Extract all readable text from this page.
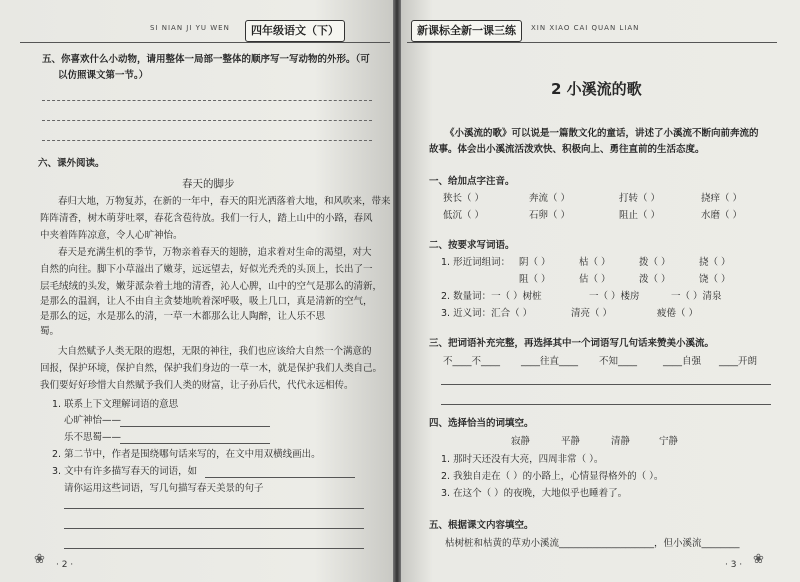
SI NIAN JI YU WEN	四年级语文（下）
五、你喜欢什么小动物，请用整体一局部一整体的顺序写一写动物的外形。（可
以仿照课文第一节。）
六、课外阅读。
春天的脚步
春归大地，万物复苏，在新的一年中，春天的阳光洒落着大地，和风吹来，带来
阵阵清香，树木萌芽吐翠，春花含苞待放。我们一行人，踏上山中的小路，春风
中夹着阵阵凉意，令人心旷神怡。
春天是充满生机的季节，万物亲着春天的翅膀，追求着对生命的渴望，对大
自然的向往。脚下小草溢出了嫩芽，远远望去，好似光秃秃的头顶上，长出了一
层毛绒绒的头发，嫩芽派杂着土地的清香，沁人心脾，山中的空气是那么的清新，
是那么的温润，让人不由自主贪婪地吮着深呼吸，吸上几口，真是清新的空气，
是那么的远，水是那么的清，一草一木都那么让人陶醉，让人乐不思
蜀。
大自然赋予人类无限的遐想，无限的神往，我们也应该给大自然一个满意的
回报，保护环境，保护自然，保护我们身边的一草一木，就是保护我们人类自己。
我们要好好珍惜大自然赋予我们人类的财富，让子孙后代，代代永远相传。
1. 联系上下文理解词语的意思
心旷神怡——
乐不思蜀——
2. 第二节中，作者是围绕哪句话来写的，在文中用双横线画出。
3. 文中有许多描写春天的词语，如
请你运用这些词语，写几句描写春天美景的句子
❀ · 2 ·
新课标全新一课三练	XIN XIAO CAI QUAN LIAN
2 小溪流的歌
《小溪流的歌》可以说是一篇散文化的童话，讲述了小溪流不断向前奔流的
故事。体会出小溪流活泼欢快、积极向上、勇往直前的生活态度。
一、给加点字注音。
狭长（ ）	奔流（ ）	打转（ ）	挠痒（ ）
低沉（ ）	石卵（ ）	阻止（ ）	水磨（ ）
二、按要求写词语。
1. 形近词组词： 阴（ ）	枯（ ）	拨（ ）	挠（ ）
阻（ ）	估（ ）	泼（ ）	饶（ ）
2. 数量词：一（ ）树桩	一（ ）楼房	一（ ）清泉
3. 近义词：汇合（ ）	清亮（ ）	疲倦（ ）
三、把词语补充完整，再选择其中一个词语写几句话来赞美小溪流。
不____不____ ____往直____ 不知____	____自强 ____开朗
四、选择恰当的词填空。
寂静	平静	清静	宁静
1. 那时天还没有大亮，四周非常（ ）。
2. 我独自走在（ ）的小路上，心情显得格外的（ ）。
3. 在这个（ ）的夜晚，大地似乎也睡着了。
五、根据课文内容填空。
枯树桩和枯黄的草劝小溪流____________________，但小溪流________
· 3 · ❀
